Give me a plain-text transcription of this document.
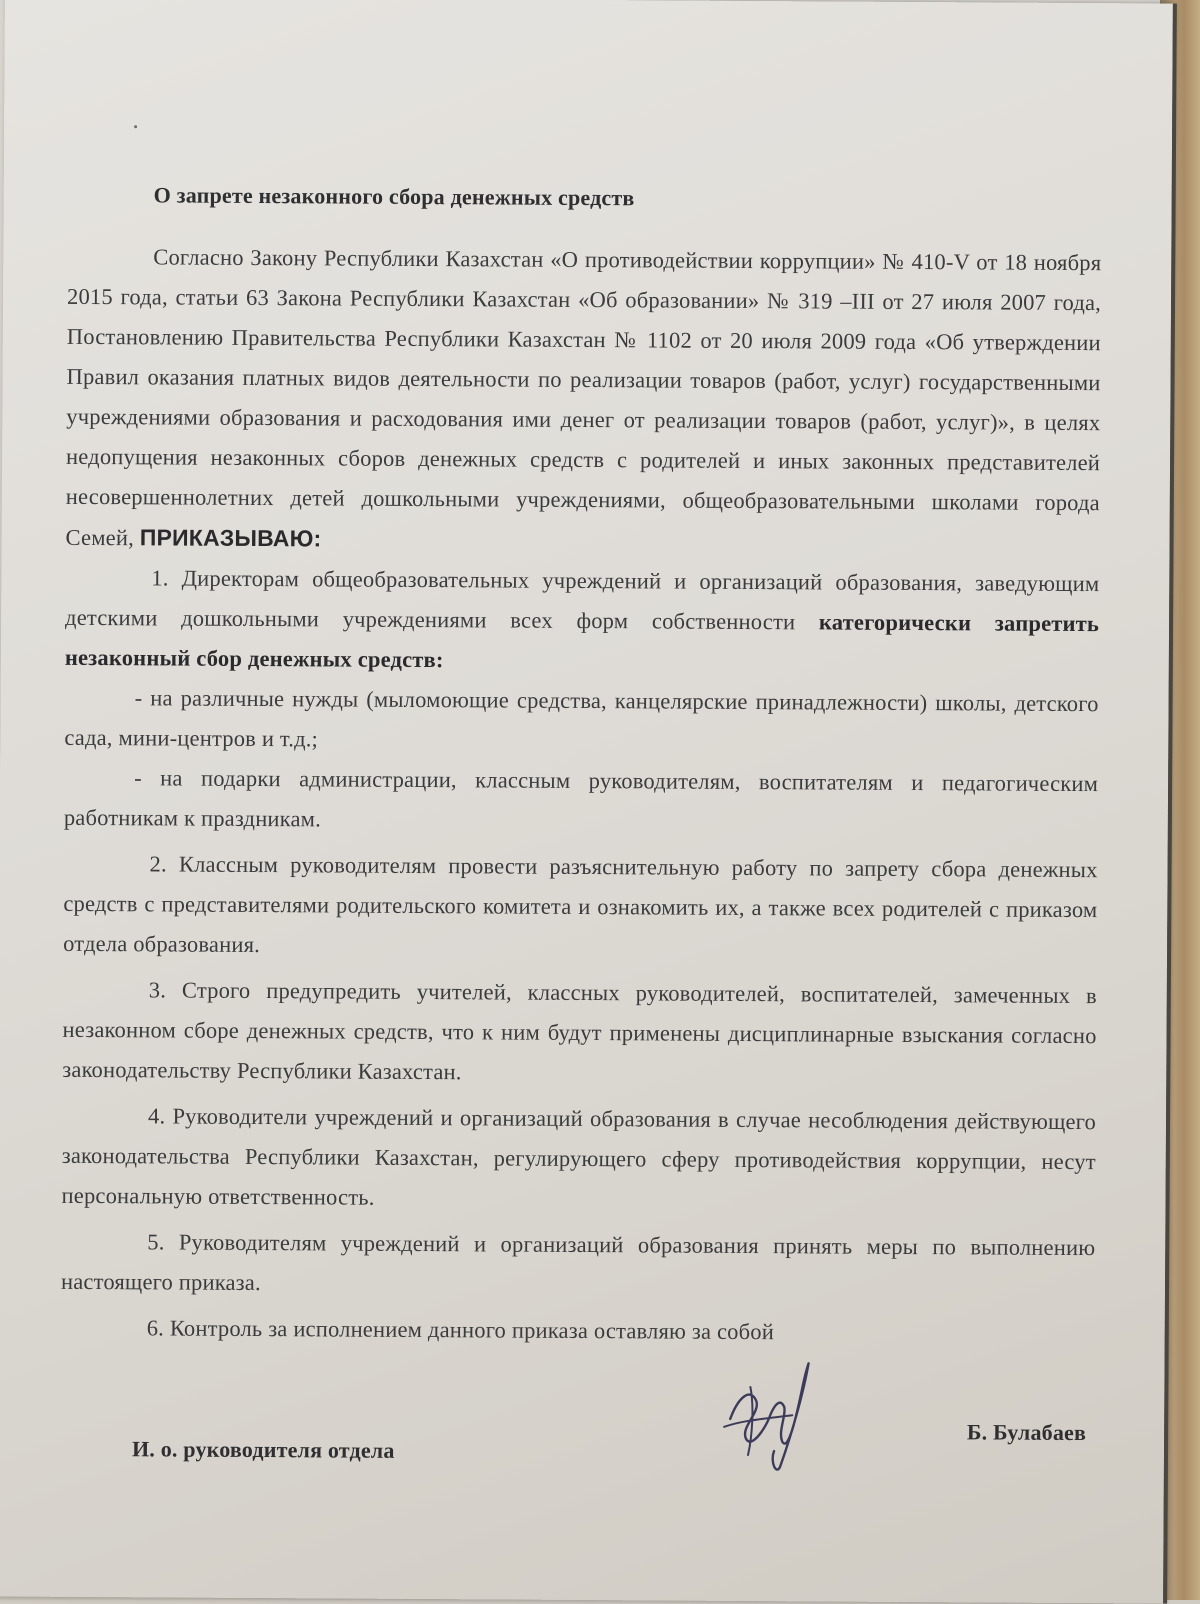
О запрете незаконного сбора денежных средств

Согласно Закону Республики Казахстан «О противодействии коррупции» № 410-V от 18 ноября 2015 года, статьи 63 Закона Республики Казахстан «Об образовании» № 319 –III от 27 июля 2007 года, Постановлению Правительства Республики Казахстан № 1102 от 20 июля 2009 года «Об утверждении Правил оказания платных видов деятельности по реализации товаров (работ, услуг) государственными учреждениями образования и расходования ими денег от реализации товаров (работ, услуг)», в целях недопущения незаконных сборов денежных средств с родителей и иных законных представителей несовершеннолетних детей дошкольными учреждениями, общеобразовательными школами города Семей, ПРИКАЗЫВАЮ:

1. Директорам общеобразовательных учреждений и организаций образования, заведующим детскими дошкольными учреждениями всех форм собственности категорически запретить незаконный сбор денежных средств:

- на различные нужды (мыломоющие средства, канцелярские принадлежности) школы, детского сада, мини-центров и т.д.;

- на подарки администрации, классным руководителям, воспитателям и педагогическим работникам к праздникам.

2. Классным руководителям провести разъяснительную работу по запрету сбора денежных средств с представителями родительского комитета и ознакомить их, а также всех родителей с приказом отдела образования.

3. Строго предупредить учителей, классных руководителей, воспитателей, замеченных в незаконном сборе денежных средств, что к ним будут применены дисциплинарные взыскания согласно законодательству Республики Казахстан.

4. Руководители учреждений и организаций образования в случае несоблюдения действующего законодательства Республики Казахстан, регулирующего сферу противодействия коррупции, несут персональную ответственность.

5. Руководителям учреждений и организаций образования принять меры по выполнению настоящего приказа.

6. Контроль за исполнением данного приказа оставляю за собой

И. о. руководителя отдела
Б. Булабаев
